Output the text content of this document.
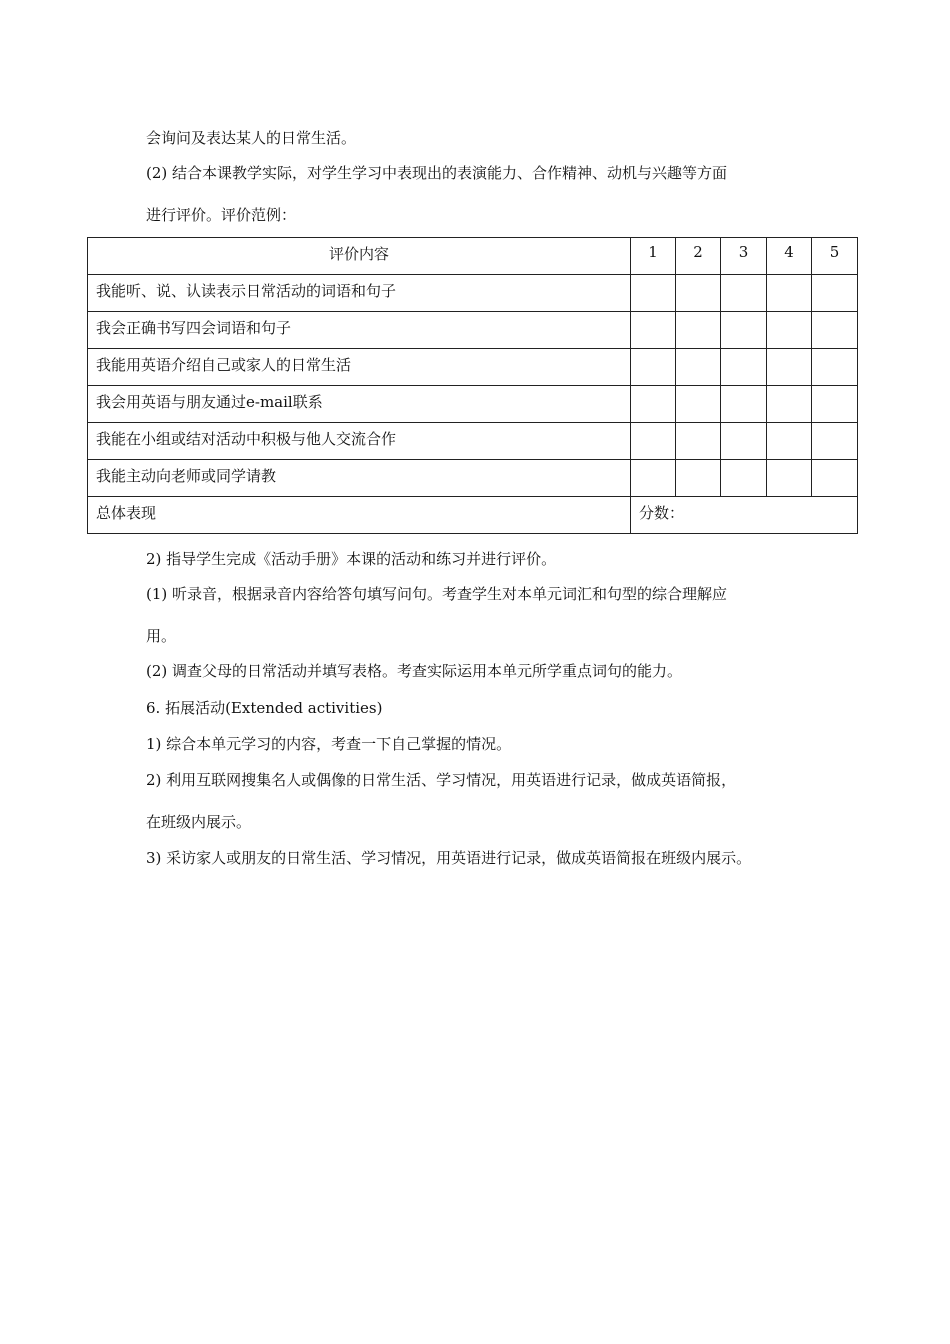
会询问及表达某人的日常生活。
(2) 结合本课教学实际，对学生学习中表现出的表演能力、合作精神、动机与兴趣等方面
进行评价。评价范例：
评价内容	1	2	3	4	5
我能听、说、认读表示日常活动的词语和句子					
我会正确书写四会词语和句子					
我能用英语介绍自己或家人的日常生活					
我会用英语与朋友通过e-mail联系					
我能在小组或结对活动中积极与他人交流合作					
我能主动向老师或同学请教					
总体表现	分数：				
2) 指导学生完成《活动手册》本课的活动和练习并进行评价。
(1) 听录音，根据录音内容给答句填写问句。考查学生对本单元词汇和句型的综合理解应
用。
(2) 调查父母的日常活动并填写表格。考查实际运用本单元所学重点词句的能力。
6. 拓展活动(Extended activities)
1) 综合本单元学习的内容，考查一下自己掌握的情况。
2) 利用互联网搜集名人或偶像的日常生活、学习情况，用英语进行记录，做成英语简报，
在班级内展示。
3) 采访家人或朋友的日常生活、学习情况，用英语进行记录，做成英语简报在班级内展示。
